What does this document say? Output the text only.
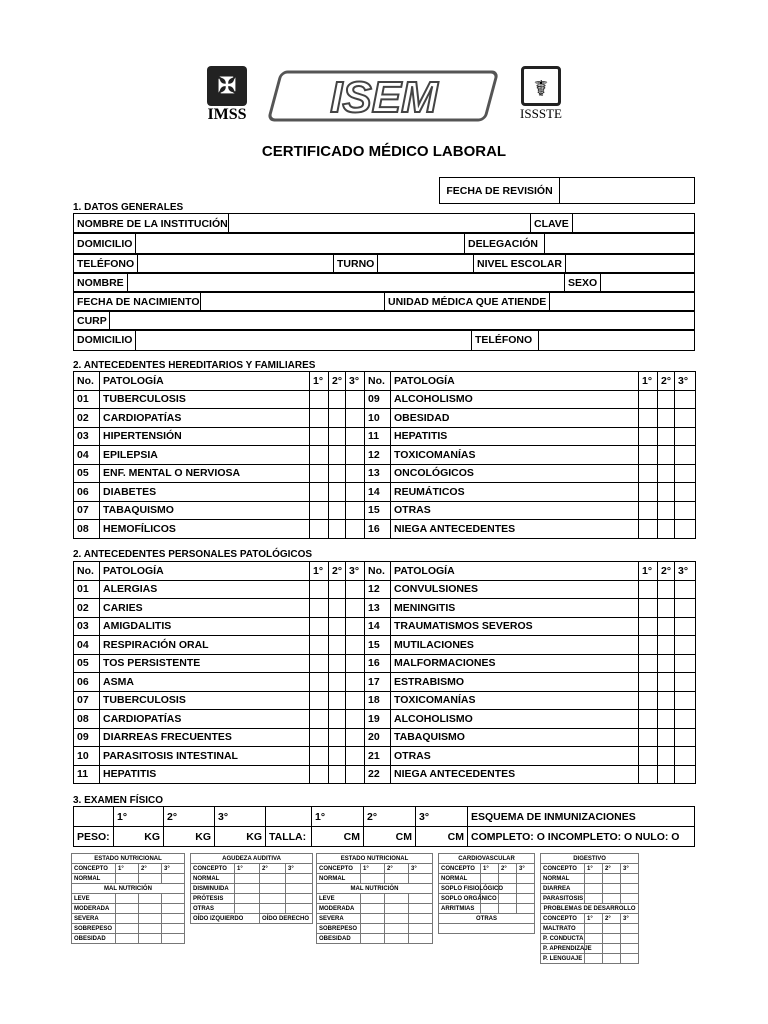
✠
IMSS ISEM	☤
ISSSTE
CERTIFICADO MÉDICO LABORAL
FECHA DE REVISIÓN	
1. DATOS GENERALES
NOMBRE DE LA INSTITUCIÓN		CLAVE	
DOMICILIO		DELEGACIÓN	
TELÉFONO		TURNO		NIVEL ESCOLAR	
NOMBRE		SEXO	
FECHA DE NACIMIENTO		UNIDAD MÉDICA QUE ATIENDE	
CURP	
DOMICILIO		TELÉFONO	
2. ANTECEDENTES HEREDITARIOS Y FAMILIARES
No.	PATOLOGÍA	1°	2°	3°	No.	PATOLOGÍA	1°	2°	3°
01	TUBERCULOSIS				09	ALCOHOLISMO			
02	CARDIOPATÍAS				10	OBESIDAD			
03	HIPERTENSIÓN				11	HEPATITIS			
04	EPILEPSIA				12	TOXICOMANÍAS			
05	ENF. MENTAL O NERVIOSA				13	ONCOLÓGICOS			
06	DIABETES				14	REUMÁTICOS			
07	TABAQUISMO				15	OTRAS			
08	HEMOFÍLICOS				16	NIEGA ANTECEDENTES			
2. ANTECEDENTES PERSONALES PATOLÓGICOS
No.	PATOLOGÍA	1°	2°	3°	No.	PATOLOGÍA	1°	2°	3°
01	ALERGIAS				12	CONVULSIONES			
02	CARIES				13	MENINGITIS			
03	AMIGDALITIS				14	TRAUMATISMOS SEVEROS			
04	RESPIRACIÓN ORAL				15	MUTILACIONES			
05	TOS PERSISTENTE				16	MALFORMACIONES			
06	ASMA				17	ESTRABISMO			
07	TUBERCULOSIS				18	TOXICOMANÍAS			
08	CARDIOPATÍAS				19	ALCOHOLISMO			
09	DIARREAS FRECUENTES				20	TABAQUISMO			
10	PARASITOSIS INTESTINAL				21	OTRAS			
11	HEPATITIS				22	NIEGA ANTECEDENTES			
3. EXAMEN FÍSICO
	1°	2°	3°		1°	2°	3°	ESQUEMA DE INMUNIZACIONES
PESO:	KG	KG	KG	TALLA:	CM	CM	CM	COMPLETO: O INCOMPLETO: O NULO: O
ESTADO NUTRICIONAL			
CONCEPTO	1°	2°	3°
NORMAL			
MAL NUTRICIÓN			
LEVE			
MODERADA			
SEVERA			
SOBREPESO			
OBESIDAD			
AGUDEZA AUDITIVA			
CONCEPTO	1°	2°	3°
NORMAL			
DISMINUIDA			
PRÓTESIS			
OTRAS			
OÍDO IZQUIERDO		OÍDO DERECHO	
ESTADO NUTRICIONAL			
CONCEPTO	1°	2°	3°
NORMAL			
MAL NUTRICIÓN			
LEVE			
MODERADA			
SEVERA			
SOBREPESO			
OBESIDAD			
CARDIOVASCULAR			
CONCEPTO	1°	2°	3°
NORMAL			
SOPLO FISIOLÓGICO			
SOPLO ORGÁNICO			
ARRITMIAS			
OTRAS			

DIGESTIVO			
CONCEPTO	1°	2°	3°
NORMAL			
DIARREA			
PARASITOSIS			
PROBLEMAS DE DESARROLLO			
CONCEPTO	1°	2°	3°
MALTRATO			
P. CONDUCTA			
P. APRENDIZAJE			
P. LENGUAJE			
